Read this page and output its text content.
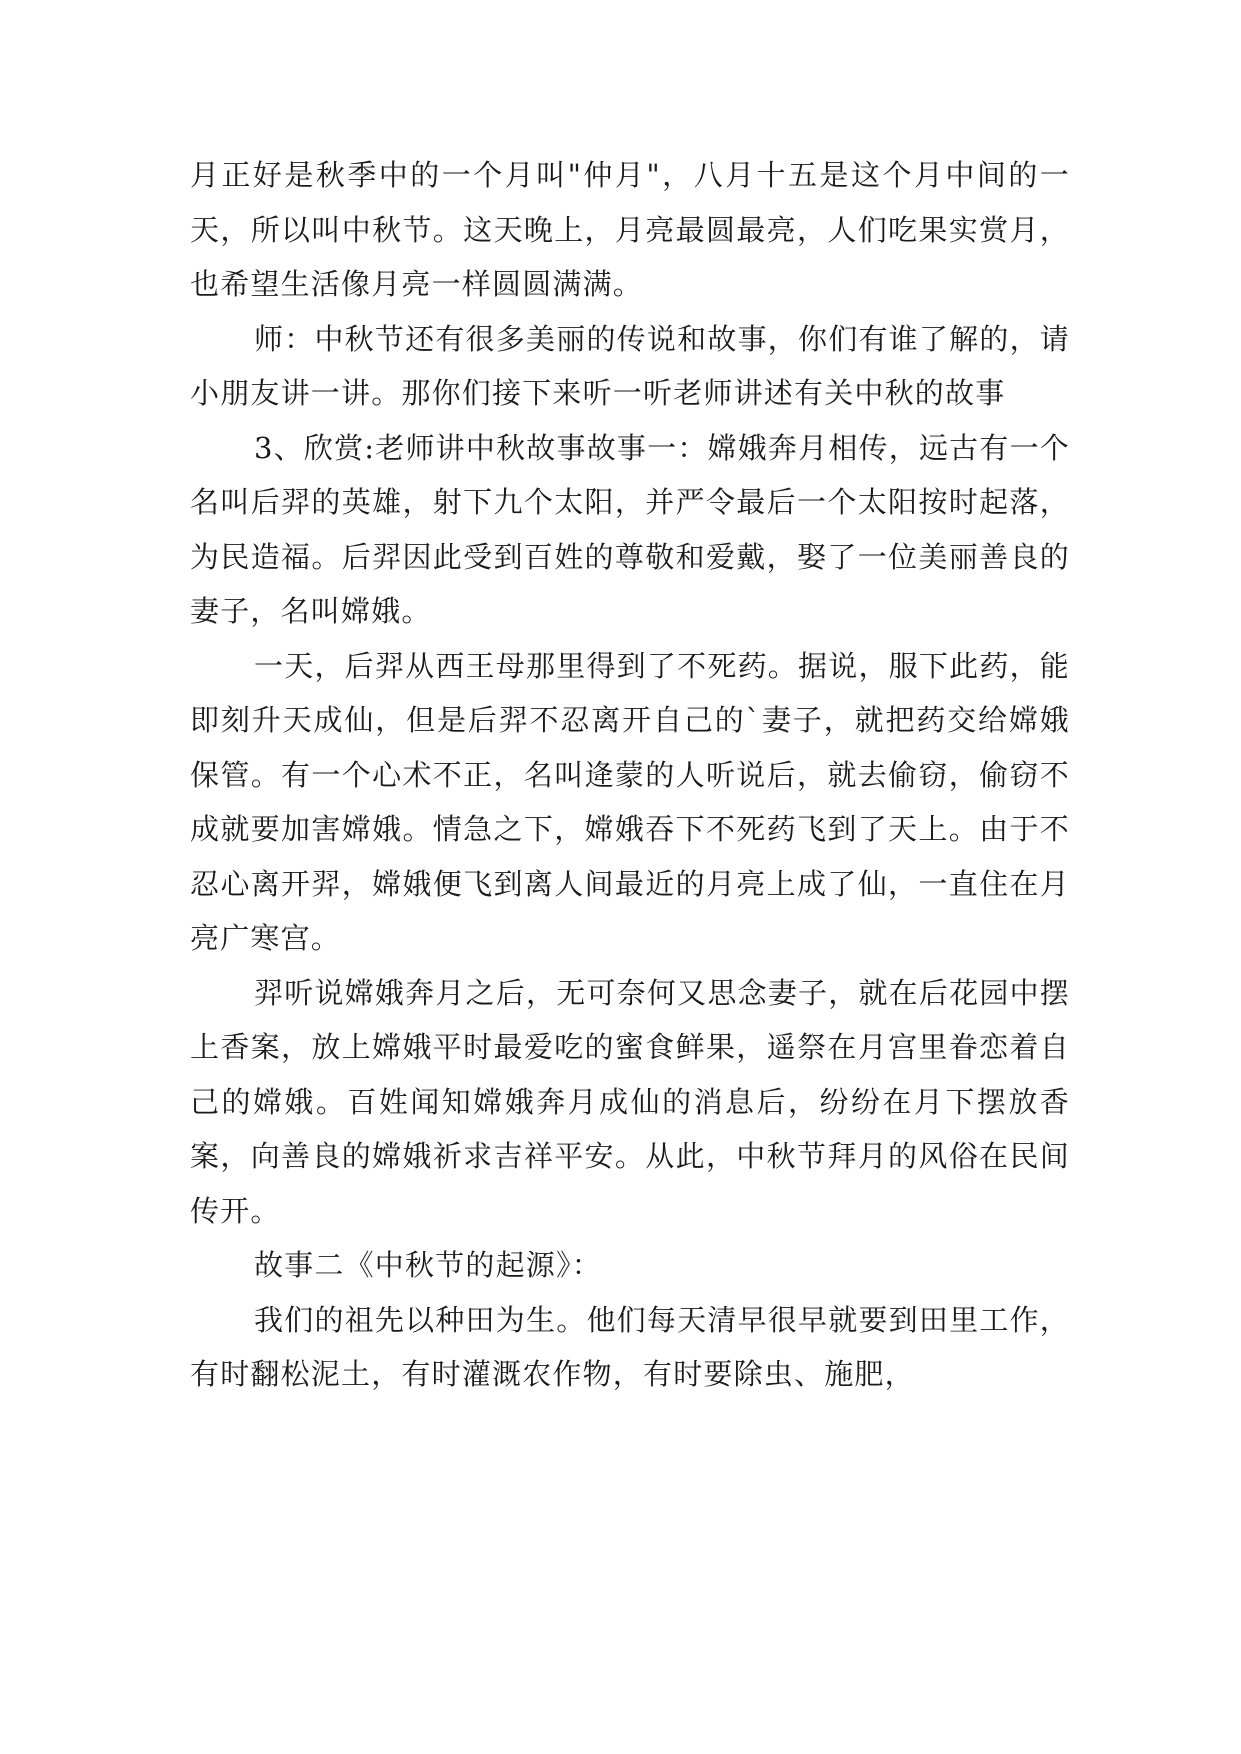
月正好是秋季中的一个月叫"仲月"，八月十五是这个月中间的一天，所以叫中秋节。这天晚上，月亮最圆最亮，人们吃果实赏月，也希望生活像月亮一样圆圆满满。

师：中秋节还有很多美丽的传说和故事，你们有谁了解的，请小朋友讲一讲。那你们接下来听一听老师讲述有关中秋的故事

3、欣赏:老师讲中秋故事故事一：嫦娥奔月相传，远古有一个名叫后羿的英雄，射下九个太阳，并严令最后一个太阳按时起落，为民造福。后羿因此受到百姓的尊敬和爱戴，娶了一位美丽善良的妻子，名叫嫦娥。

一天，后羿从西王母那里得到了不死药。据说，服下此药，能即刻升天成仙，但是后羿不忍离开自己的`妻子，就把药交给嫦娥保管。有一个心术不正，名叫逄蒙的人听说后，就去偷窃，偷窃不成就要加害嫦娥。情急之下，嫦娥吞下不死药飞到了天上。由于不忍心离开羿，嫦娥便飞到离人间最近的月亮上成了仙，一直住在月亮广寒宫。

羿听说嫦娥奔月之后，无可奈何又思念妻子，就在后花园中摆上香案，放上嫦娥平时最爱吃的蜜食鲜果，遥祭在月宫里眷恋着自己的嫦娥。百姓闻知嫦娥奔月成仙的消息后，纷纷在月下摆放香案，向善良的嫦娥祈求吉祥平安。从此，中秋节拜月的风俗在民间传开。

故事二《中秋节的起源》：

我们的祖先以种田为生。他们每天清早很早就要到田里工作，有时翻松泥土，有时灌溉农作物，有时要除虫、施肥，
